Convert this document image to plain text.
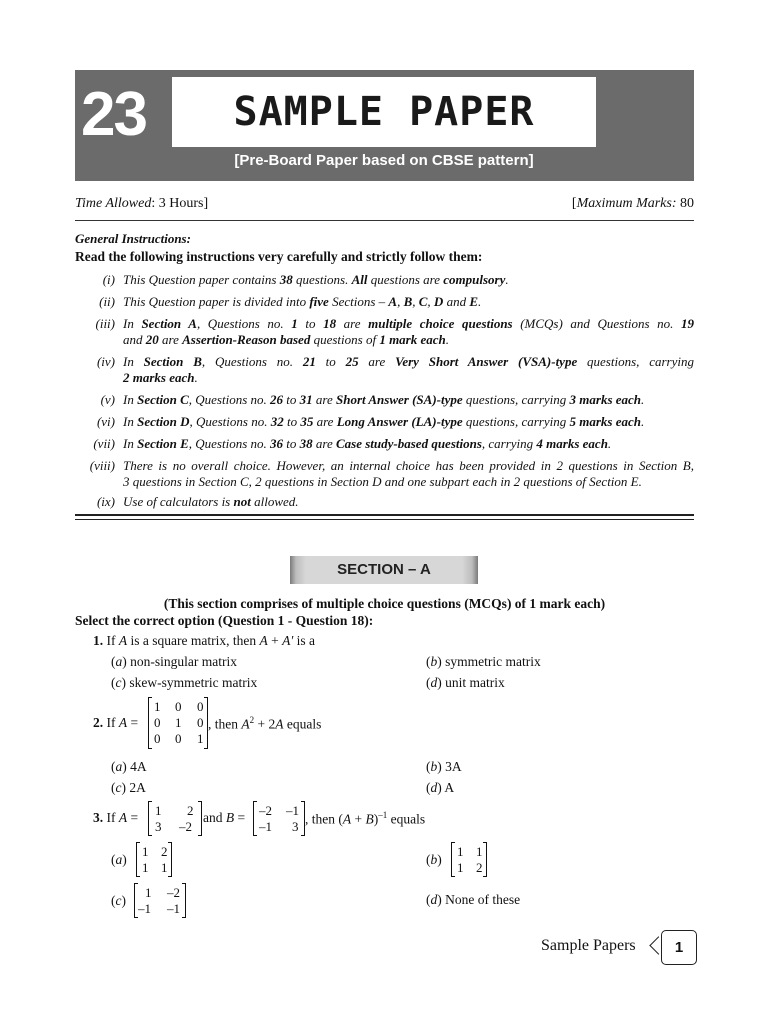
23	SAMPLE PAPER
[Pre-Board Paper based on CBSE pattern]
Time Allowed: 3 Hours]	[Maximum Marks: 80
General Instructions:
Read the following instructions very carefully and strictly follow them:
(i) This Question paper contains 38 questions. All questions are compulsory.
(ii) This Question paper is divided into five Sections – A, B, C, D and E.
(iii) In Section A, Questions no. 1 to 18 are multiple choice questions (MCQs) and Questions no. 19
and 20 are Assertion-Reason based questions of 1 mark each.
(iv) In Section B, Questions no. 21 to 25 are Very Short Answer (VSA)-type questions, carrying
2 marks each.
(v) In Section C, Questions no. 26 to 31 are Short Answer (SA)-type questions, carrying 3 marks each.
(vi) In Section D, Questions no. 32 to 35 are Long Answer (LA)-type questions, carrying 5 marks each.
(vii) In Section E, Questions no. 36 to 38 are Case study-based questions, carrying 4 marks each.
(viii) There is no overall choice. However, an internal choice has been provided in 2 questions in Section B,
3 questions in Section C, 2 questions in Section D and one subpart each in 2 questions of Section E.
(ix) Use of calculators is not allowed.
SECTION – A
(This section comprises of multiple choice questions (MCQs) of 1 mark each)
Select the correct option (Question 1 - Question 18):
1. If A is a square matrix, then A + A′ is a
(a) non-singular matrix	(b) symmetric matrix
(c) skew-symmetric matrix	(d) unit matrix
2. If A =
1 0 0
0 1 0
0 0 1
, then $A^2 + 2A$ equals
(a) 4A	(b) 3A
(c) 2A	(d) A
3. If A = 1 2
3 –2
and B = –2 –1
–1 3 , then $(A + B)^{-1}$ equals
(a)
1 2
1 1
(b)
1 1
1 2
(c)
1 –2
–1 –1
(d) None of these
Sample Papers	1
